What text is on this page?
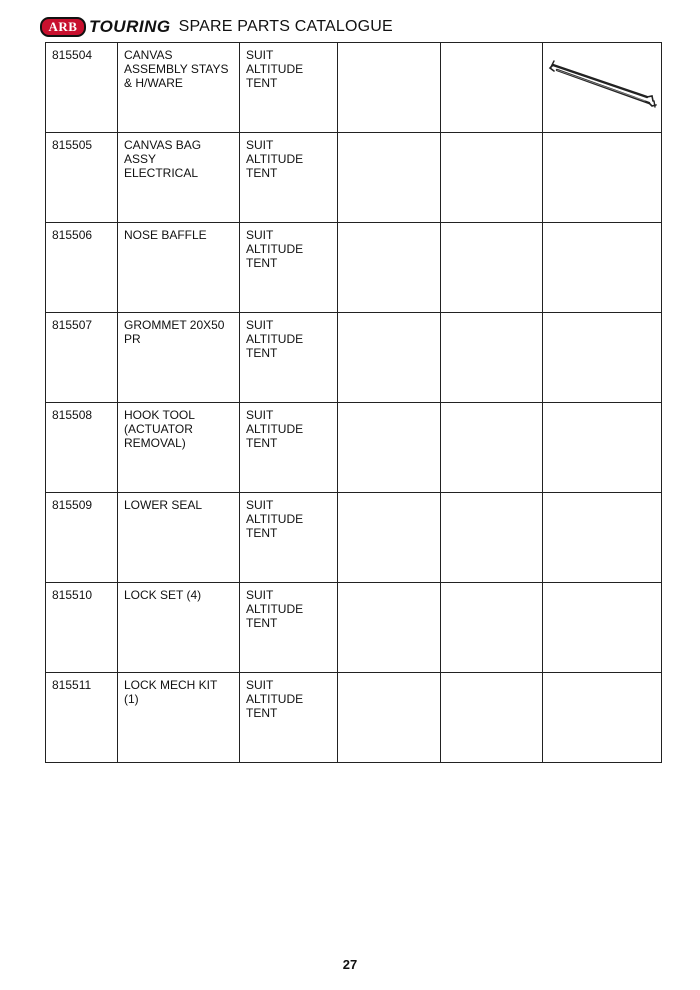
ARB TOURING SPARE PARTS CATALOGUE
815504	CANVAS ASSEMBLY STAYS & H/WARE	SUIT ALTITUDE TENT			

815505	CANVAS BAG ASSY ELECTRICAL	SUIT ALTITUDE TENT			
815506	NOSE BAFFLE	SUIT ALTITUDE TENT			
815507	GROMMET 20X50 PR	SUIT ALTITUDE TENT			
815508	HOOK TOOL (ACTUATOR REMOVAL)	SUIT ALTITUDE TENT			
815509	LOWER SEAL	SUIT ALTITUDE TENT			
815510	LOCK SET (4)	SUIT ALTITUDE TENT			
815511	LOCK MECH KIT (1)	SUIT ALTITUDE TENT			
27
